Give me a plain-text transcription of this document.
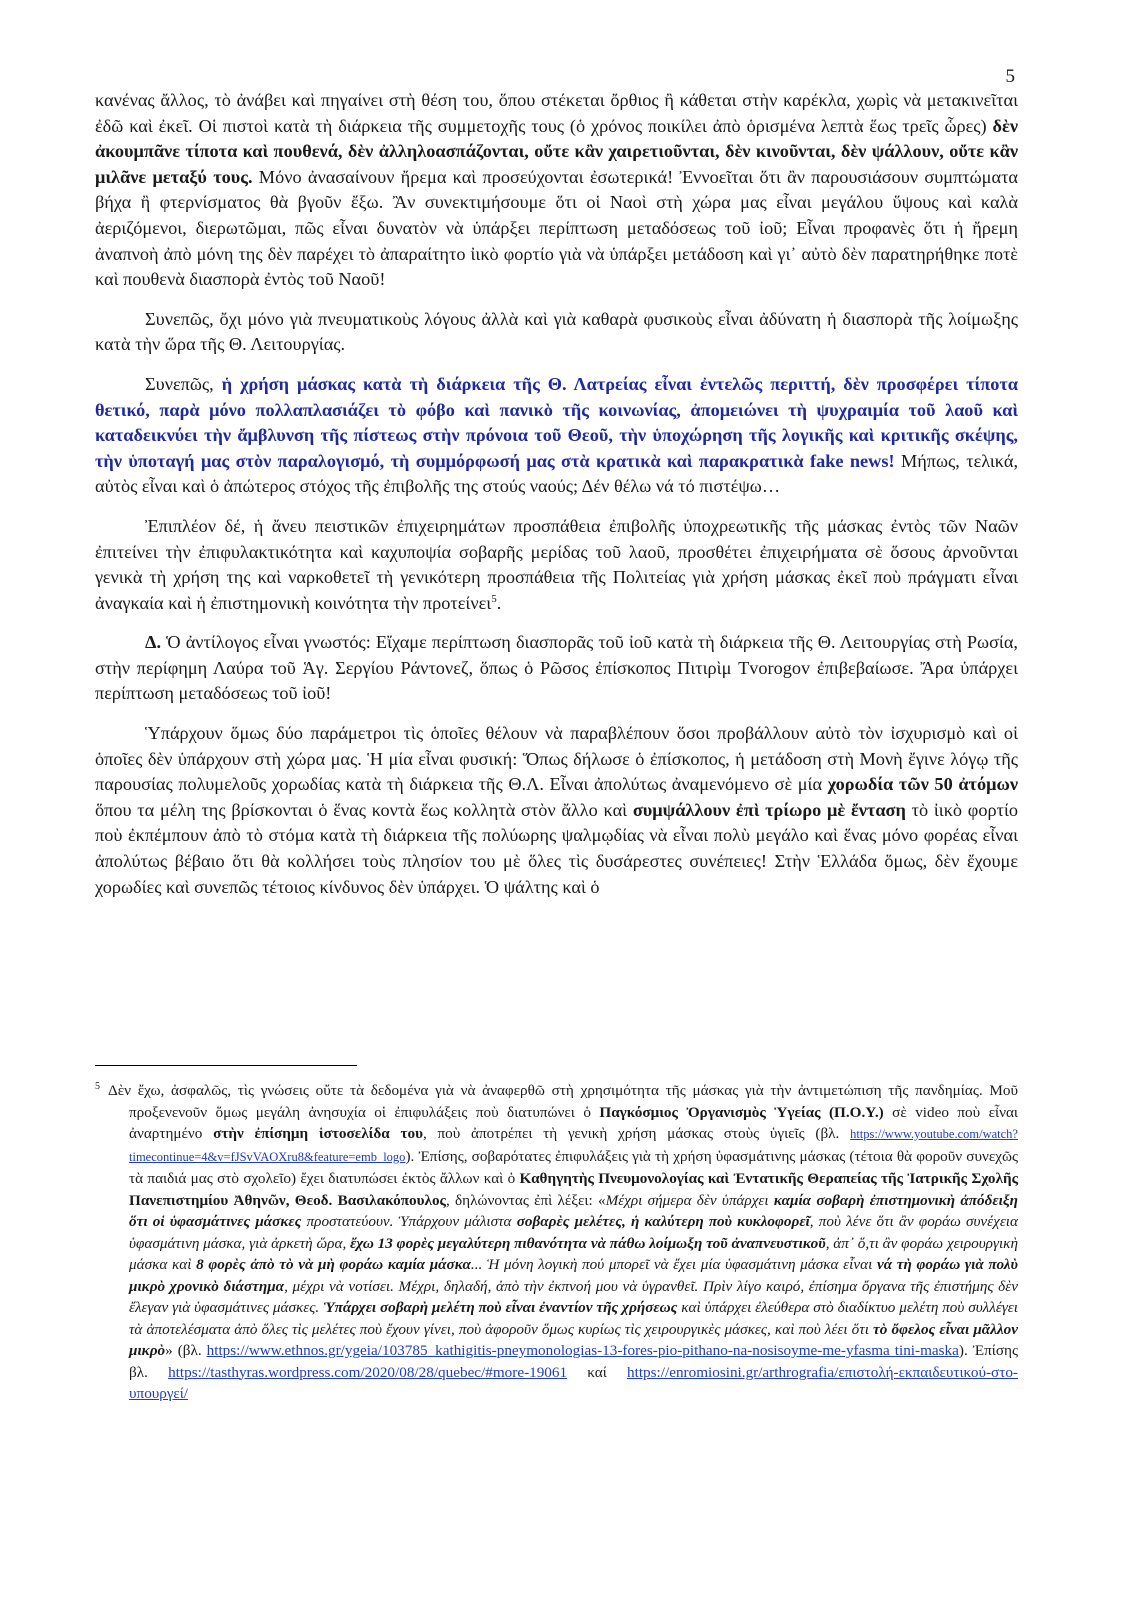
5

κανένας ἄλλος, τὸ ἀνάβει καὶ πηγαίνει στὴ θέση του, ὅπου στέκεται ὄρθιος ἢ κάθεται στὴν καρέκλα, χωρὶς νὰ μετακινεῖται ἐδῶ καὶ ἐκεῖ. Οἱ πιστοὶ κατὰ τὴ διάρκεια τῆς συμμετοχῆς τους (ὁ χρόνος ποικίλει ἀπὸ ὁρισμένα λεπτὰ ἕως τρεῖς ὧρες) δὲν ἀκουμπᾶνε τίποτα καὶ πουθενά, δὲν ἀλληλοασπάζονται, οὔτε κἂν χαιρετιοῦνται, δὲν κινοῦνται, δὲν ψάλλουν, οὔτε κἂν μιλᾶνε μεταξύ τους. Μόνο ἀνασαίνουν ἤρεμα καὶ προσεύχονται ἐσωτερικά! Ἐννοεῖται ὅτι ἂν παρουσιάσουν συμπτώματα βήχα ἢ φτερνίσματος θὰ βγοῦν ἔξω. Ἂν συνεκτιμήσουμε ὅτι οἱ Ναοὶ στὴ χώρα μας εἶναι μεγάλου ὕψους καὶ καλὰ ἀεριζόμενοι, διερωτῶμαι, πῶς εἶναι δυνατὸν νὰ ὑπάρξει περίπτωση μεταδόσεως τοῦ ἰοῦ; Εἶναι προφανὲς ὅτι ἡ ἤρεμη ἀναπνοὴ ἀπὸ μόνη της δὲν παρέχει τὸ ἀπαραίτητο ἰικὸ φορτίο γιὰ νὰ ὑπάρξει μετάδοση καὶ γι᾽ αὐτὸ δὲν παρατηρήθηκε ποτὲ καὶ πουθενὰ διασπορὰ ἐντὸς τοῦ Ναοῦ!

Συνεπῶς, ὄχι μόνο γιὰ πνευματικοὺς λόγους ἀλλὰ καὶ γιὰ καθαρὰ φυσικοὺς εἶναι ἀδύνατη ἡ διασπορὰ τῆς λοίμωξης κατὰ τὴν ὥρα τῆς Θ. Λειτουργίας.

Συνεπῶς, ἡ χρήση μάσκας κατὰ τὴ διάρκεια τῆς Θ. Λατρείας εἶναι ἐντελῶς περιττή, δὲν προσφέρει τίποτα θετικό, παρὰ μόνο πολλαπλασιάζει τὸ φόβο καὶ πανικὸ τῆς κοινωνίας, ἀπομειώνει τὴ ψυχραιμία τοῦ λαοῦ καὶ καταδεικνύει τὴν ἄμβλυνση τῆς πίστεως στὴν πρόνοια τοῦ Θεοῦ, τὴν ὑποχώρηση τῆς λογικῆς καὶ κριτικῆς σκέψης, τὴν ὑποταγή μας στὸν παραλογισμό, τὴ συμμόρφωσή μας στὰ κρατικὰ καὶ παρακρατικὰ fake news! Μήπως, τελικά, αὐτὸς εἶναι καὶ ὁ ἀπώτερος στόχος τῆς ἐπιβολῆς της στούς ναούς; Δέν θέλω νά τό πιστέψω…

Ἐπιπλέον δέ, ἡ ἄνευ πειστικῶν ἐπιχειρημάτων προσπάθεια ἐπιβολῆς ὑποχρεωτικῆς τῆς μάσκας ἐντὸς τῶν Ναῶν ἐπιτείνει τὴν ἐπιφυλακτικότητα καὶ καχυποψία σοβαρῆς μερίδας τοῦ λαοῦ, προσθέτει ἐπιχειρήματα σὲ ὅσους ἀρνοῦνται γενικὰ τὴ χρήση της καὶ ναρκοθετεῖ τὴ γενικότερη προσπάθεια τῆς Πολιτείας γιὰ χρήση μάσκας ἐκεῖ ποὺ πράγματι εἶναι ἀναγκαία καὶ ἡ ἐπιστημονικὴ κοινότητα τὴν προτείνει$^5$.

Δ. Ὁ ἀντίλογος εἶναι γνωστός: Εἴχαμε περίπτωση διασπορᾶς τοῦ ἰοῦ κατὰ τὴ διάρκεια τῆς Θ. Λειτουργίας στὴ Ρωσία, στὴν περίφημη Λαύρα τοῦ Ἁγ. Σεργίου Ράντονεζ, ὅπως ὁ Ρῶσος ἐπίσκοπος Πιτιρὶμ Tvorogov ἐπιβεβαίωσε. Ἄρα ὑπάρχει περίπτωση μεταδόσεως τοῦ ἰοῦ!

Ὑπάρχουν ὅμως δύο παράμετροι τὶς ὁποῖες θέλουν νὰ παραβλέπουν ὅσοι προβάλλουν αὐτὸ τὸν ἰσχυρισμὸ καὶ οἱ ὁποῖες δὲν ὑπάρχουν στὴ χώρα μας. Ἡ μία εἶναι φυσική: Ὅπως δήλωσε ὁ ἐπίσκοπος, ἡ μετάδοση στὴ Μονὴ ἔγινε λόγῳ τῆς παρουσίας πολυμελοῦς χορωδίας κατὰ τὴ διάρκεια τῆς Θ.Λ. Εἶναι ἀπολύτως ἀναμενόμενο σὲ μία χορωδία τῶν 50 ἀτόμων ὅπου τα μέλη της βρίσκονται ὁ ἕνας κοντὰ ἕως κολλητὰ στὸν ἄλλο καὶ συμψάλλουν ἐπὶ τρίωρο μὲ ἔνταση τὸ ἰικὸ φορτίο ποὺ ἐκπέμπουν ἀπὸ τὸ στόμα κατὰ τὴ διάρκεια τῆς πολύωρης ψαλμῳδίας νὰ εἶναι πολὺ μεγάλο καὶ ἕνας μόνο φορέας εἶναι ἀπολύτως βέβαιο ὅτι θὰ κολλήσει τοὺς πλησίον του μὲ ὅλες τὶς δυσάρεστες συνέπειες! Στὴν Ἑλλάδα ὅμως, δὲν ἔχουμε χορωδίες καὶ συνεπῶς τέτοιος κίνδυνος δὲν ὑπάρχει. Ὁ ψάλτης καὶ ὁ

$^5$ Δὲν ἔχω, ἀσφαλῶς, τὶς γνώσεις οὔτε τὰ δεδομένα γιὰ νὰ ἀναφερθῶ στὴ χρησιμότητα τῆς μάσκας γιὰ τὴν ἀντιμετώπιση τῆς πανδημίας. Μοῦ προξενενοῦν ὅμως μεγάλη ἀνησυχία οἱ ἐπιφυλάξεις ποὺ διατυπώνει ὁ Παγκόσμιος Ὀργανισμὸς Ὑγείας (Π.Ο.Υ.) σὲ video ποὺ εἶναι ἀναρτημένο στὴν ἐπίσημη ἱστοσελίδα του, ποὺ ἀποτρέπει τὴ γενικὴ χρήση μάσκας στοὺς ὑγιεῖς (βλ. https://www.youtube.com/watch?timecontinue=4&v=fJSvVAOXru8&feature=emb_logo). Ἐπίσης, σοβαρότατες ἐπιφυλάξεις γιὰ τὴ χρήση ὑφασμάτινης μάσκας (τέτοια θὰ φοροῦν συνεχῶς τὰ παιδιά μας στὸ σχολεῖο) ἔχει διατυπώσει ἐκτὸς ἄλλων καὶ ὁ Καθηγητὴς Πνευμονολογίας καὶ Ἐντατικῆς Θεραπείας τῆς Ἰατρικῆς Σχολῆς Πανεπιστημίου Ἀθηνῶν, Θεοδ. Βασιλακόπουλος, δηλώνοντας ἐπὶ λέξει: «Μέχρι σήμερα δὲν ὑπάρχει καμία σοβαρὴ ἐπιστημονικὴ ἀπόδειξη ὅτι οἱ ὑφασμάτινες μάσκες προστατεύουν. Ὑπάρχουν μάλιστα σοβαρὲς μελέτες, ἡ καλύτερη ποὺ κυκλοφορεῖ, ποὺ λένε ὅτι ἂν φοράω συνέχεια ὑφασμάτινη μάσκα, γιὰ ἀρκετὴ ὥρα, ἔχω 13 φορὲς μεγαλύτερη πιθανότητα νὰ πάθω λοίμωξη τοῦ ἀναπνευστικοῦ, ἀπ᾽ ὅ,τι ἂν φοράω χειρουργικὴ μάσκα καὶ 8 φορὲς ἀπὸ τὸ νὰ μὴ φοράω καμία μάσκα... Ἡ μόνη λογικὴ πού μπορεῖ νὰ ἔχει μία ὑφασμάτινη μάσκα εἶναι νά τὴ φοράω γιὰ πολὺ μικρὸ χρονικὸ διάστημα, μέχρι νὰ νοτίσει. Μέχρι, δηλαδή, ἀπὸ τὴν ἐκπνοή μου νὰ ὑγρανθεῖ. Πρὶν λίγο καιρό, ἐπίσημα ὄργανα τῆς ἐπιστήμης δὲν ἔλεγαν γιὰ ὑφασμάτινες μάσκες. Ὑπάρχει σοβαρὴ μελέτη ποὺ εἶναι ἐναντίον τῆς χρήσεως καὶ ὑπάρχει ἐλεύθερα στὸ διαδίκτυο μελέτη ποὺ συλλέγει τὰ ἀποτελέσματα ἀπὸ ὅλες τὶς μελέτες ποὺ ἔχουν γίνει, ποὺ ἀφοροῦν ὅμως κυρίως τὶς χειρουργικὲς μάσκες, καὶ ποὺ λέει ὅτι τὸ ὄφελος εἶναι μᾶλλον μικρὸ» (βλ. https://www.ethnos.gr/ygeia/103785_kathigitis-pneymonologias-13-fores-pio-pithano-na-nosisoyme-me-yfasma tini-maska). Ἐπίσης βλ. https://tasthyras.wordpress.com/2020/08/28/quebec/#more-19061 καί https://enromiosini.gr/arthrografia/επιστολή-εκπαιδευτικού-στο-υπουργεί/
